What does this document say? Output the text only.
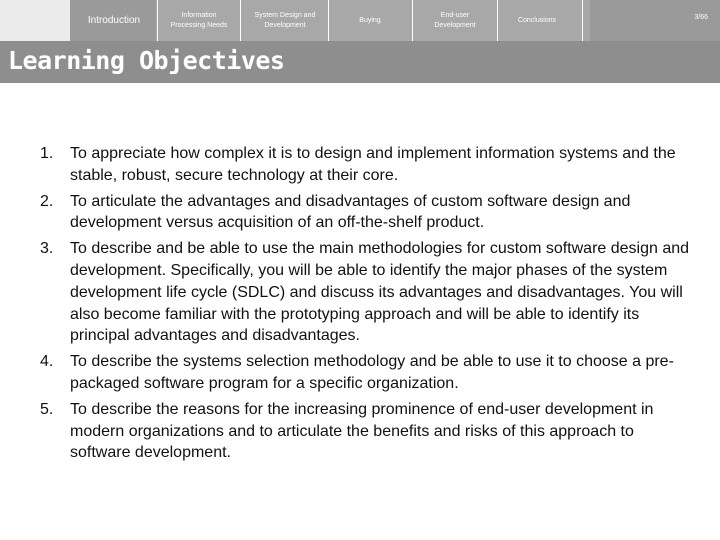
Introduction	Information Processing Needs
System Design and Development
Buying
End-user Development
Conclusions	3/66
Learning Objectives
1. To appreciate how complex it is to design and implement information systems and the stable, robust, secure technology at their core.
2. To articulate the advantages and disadvantages of custom software design and development versus acquisition of an off-the-shelf product.
3. To describe and be able to use the main methodologies for custom software design and development. Specifically, you will be able to identify the major phases of the system development life cycle (SDLC) and discuss its advantages and disadvantages. You will also become familiar with the prototyping approach and will be able to identify its principal advantages and disadvantages.
4. To describe the systems selection methodology and be able to use it to choose a pre-packaged software program for a specific organization.
5. To describe the reasons for the increasing prominence of end-user development in modern organizations and to articulate the benefits and risks of this approach to software development.
